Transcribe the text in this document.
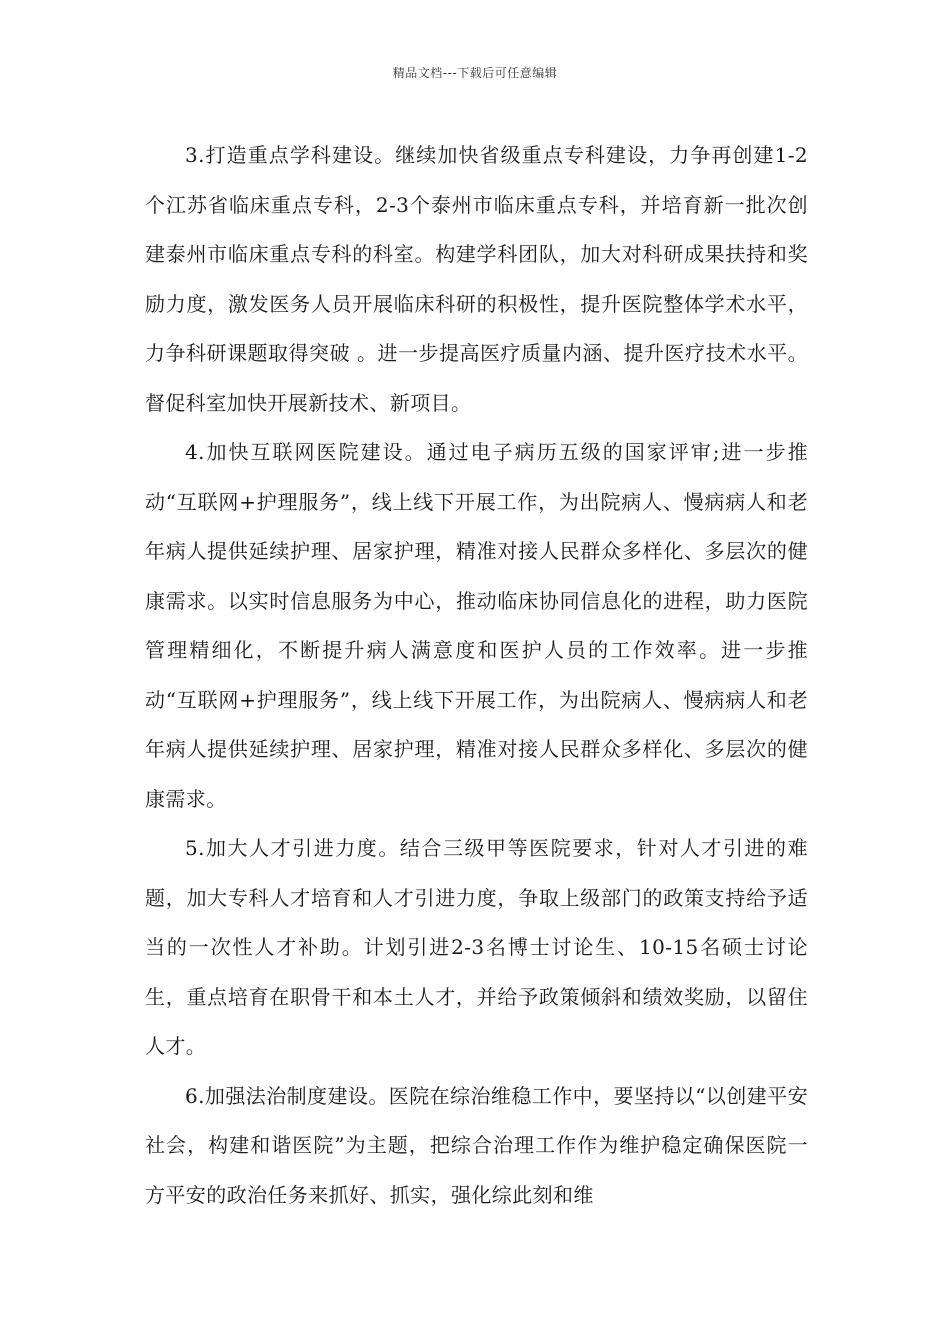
精品文档---下载后可任意编辑

3.打造重点学科建设。继续加快省级重点专科建设，力争再创建1-2个江苏省临床重点专科，2-3个泰州市临床重点专科，并培育新一批次创建泰州市临床重点专科的科室。构建学科团队，加大对科研成果扶持和奖励力度，激发医务人员开展临床科研的积极性，提升医院整体学术水平，力争科研课题取得突破 。进一步提高医疗质量内涵、提升医疗技术水平。督促科室加快开展新技术、新项目。

4.加快互联网医院建设。通过电子病历五级的国家评审;进一步推动“互联网+护理服务”，线上线下开展工作，为出院病人、慢病病人和老年病人提供延续护理、居家护理，精准对接人民群众多样化、多层次的健康需求。以实时信息服务为中心，推动临床协同信息化的进程，助力医院管理精细化，不断提升病人满意度和医护人员的工作效率。进一步推动“互联网+护理服务”，线上线下开展工作，为出院病人、慢病病人和老年病人提供延续护理、居家护理，精准对接人民群众多样化、多层次的健康需求。

5.加大人才引进力度。结合三级甲等医院要求，针对人才引进的难题，加大专科人才培育和人才引进力度，争取上级部门的政策支持给予适当的一次性人才补助。计划引进2-3名博士讨论生、10-15名硕士讨论生，重点培育在职骨干和本土人才，并给予政策倾斜和绩效奖励，以留住人才。

6.加强法治制度建设。医院在综治维稳工作中，要坚持以“以创建平安社会，构建和谐医院”为主题，把综合治理工作作为维护稳定确保医院一方平安的政治任务来抓好、抓实，强化综此刻和维
